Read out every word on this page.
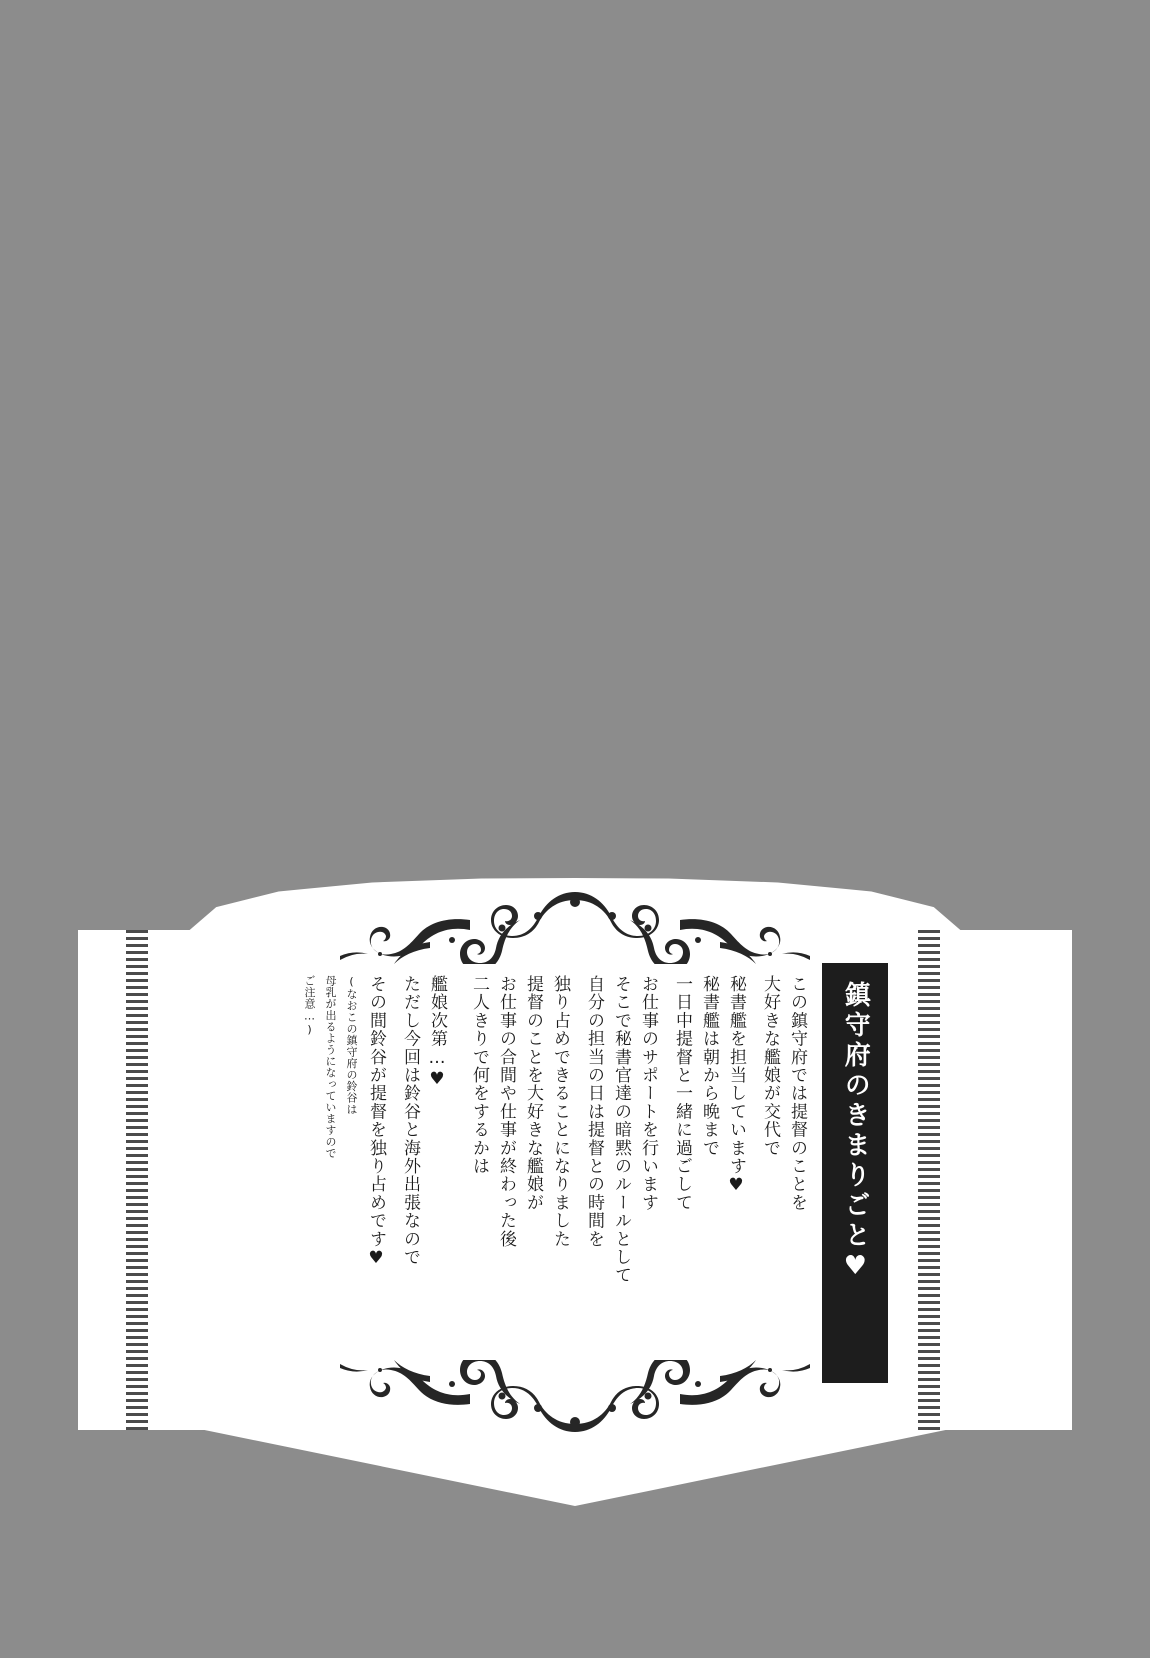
鎮守府のきまりごと♥
この鎮守府では提督のことを
大好きな艦娘が交代で
秘書艦を担当しています♥
秘書艦は朝から晩まで
一日中提督と一緒に過ごして
お仕事のサポートを行います
そこで秘書官達の暗黙のルールとして
自分の担当の日は提督との時間を
独り占めできることになりました
提督のことを大好きな艦娘が
お仕事の合間や仕事が終わった後
二人きりで何をするかは
艦娘次第…♥
ただし今回は鈴谷と海外出張なので
その間鈴谷が提督を独り占めです♥
(なおこの鎮守府の鈴谷は
母乳が出るようになっていますので
ご注意…)
